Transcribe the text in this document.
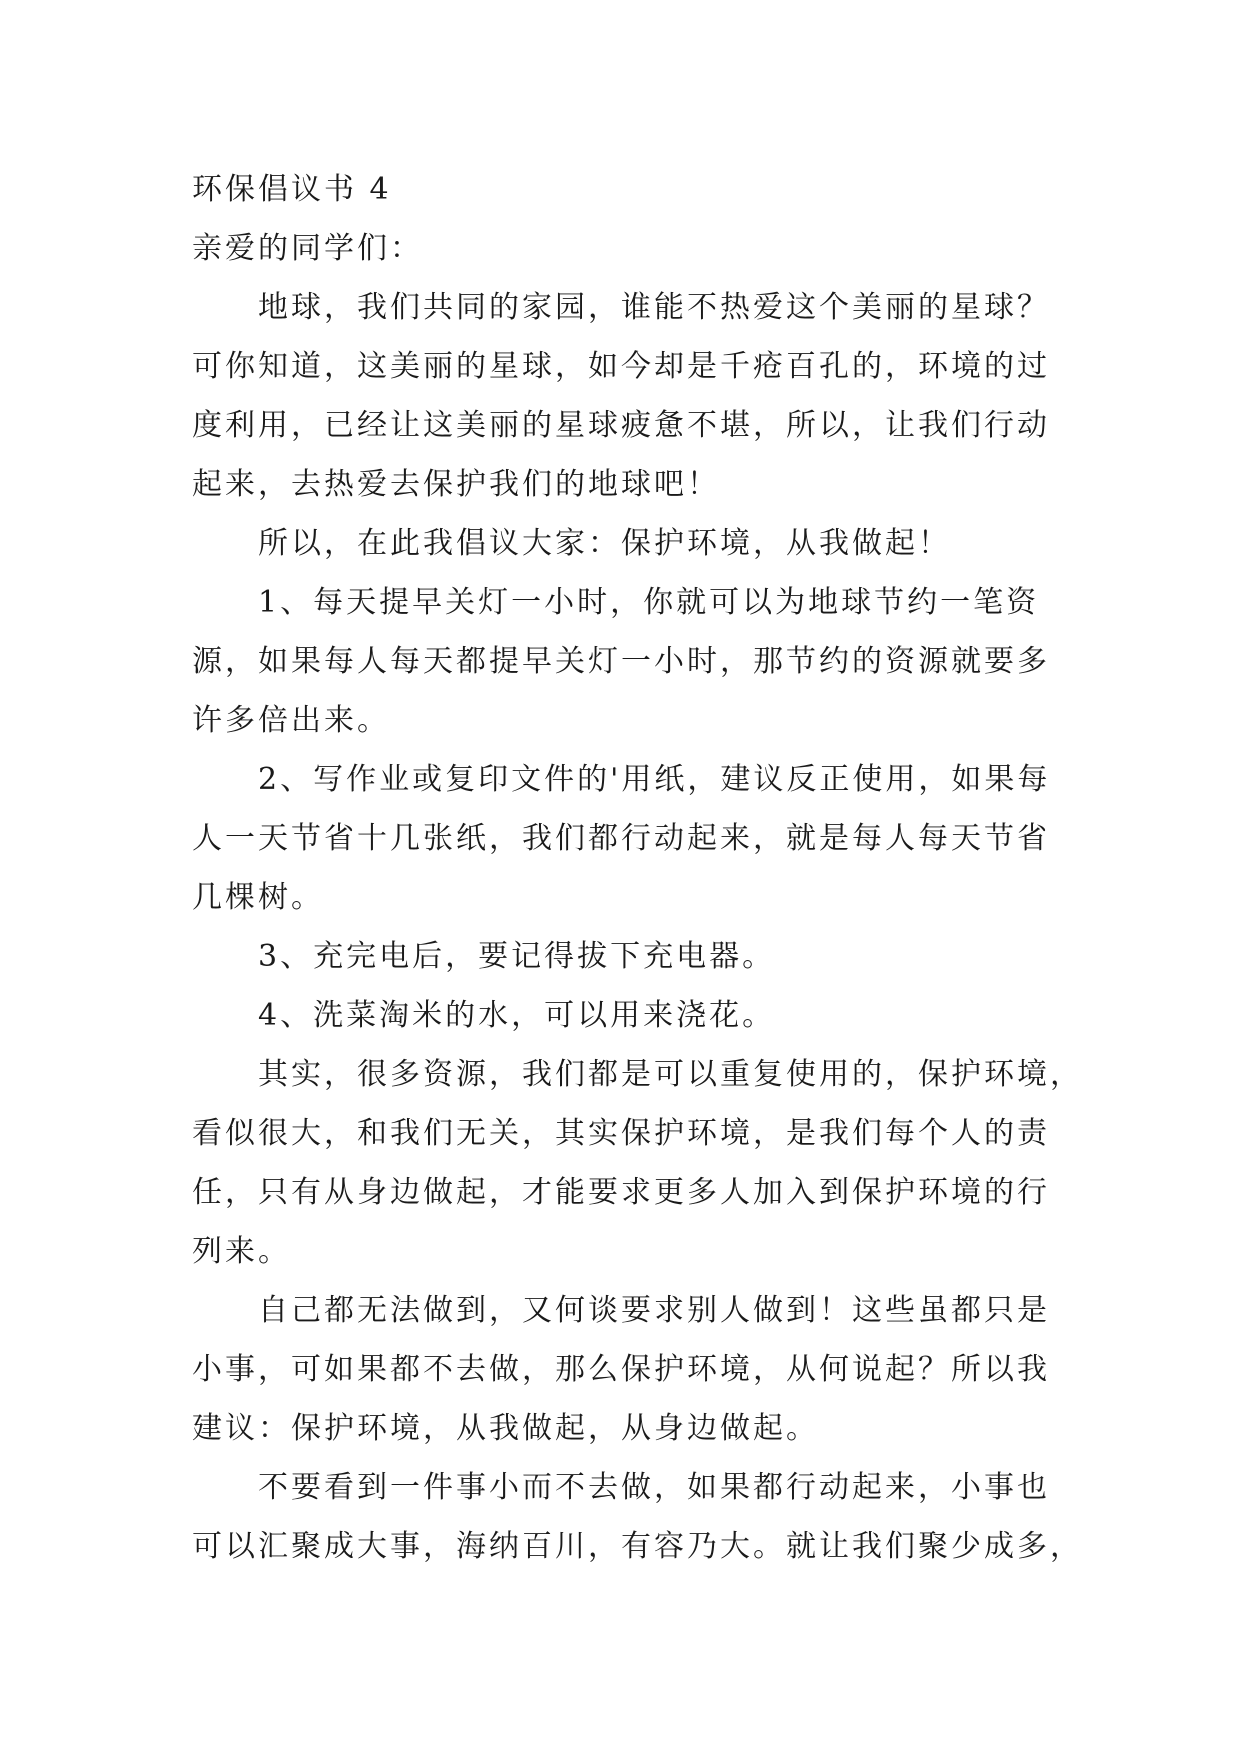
环保倡议书 4
亲爱的同学们：
地球，我们共同的家园，谁能不热爱这个美丽的星球？
可你知道，这美丽的星球，如今却是千疮百孔的，环境的过
度利用，已经让这美丽的星球疲惫不堪，所以，让我们行动
起来，去热爱去保护我们的地球吧！
所以，在此我倡议大家：保护环境，从我做起！
1、每天提早关灯一小时，你就可以为地球节约一笔资
源，如果每人每天都提早关灯一小时，那节约的资源就要多
许多倍出来。
2、写作业或复印文件的'用纸，建议反正使用，如果每
人一天节省十几张纸，我们都行动起来，就是每人每天节省
几棵树。
3、充完电后，要记得拔下充电器。
4、洗菜淘米的水，可以用来浇花。
其实，很多资源，我们都是可以重复使用的，保护环境，
看似很大，和我们无关，其实保护环境，是我们每个人的责
任，只有从身边做起，才能要求更多人加入到保护环境的行
列来。
自己都无法做到，又何谈要求别人做到！这些虽都只是
小事，可如果都不去做，那么保护环境，从何说起？所以我
建议：保护环境，从我做起，从身边做起。
不要看到一件事小而不去做，如果都行动起来，小事也
可以汇聚成大事，海纳百川，有容乃大。就让我们聚少成多，
